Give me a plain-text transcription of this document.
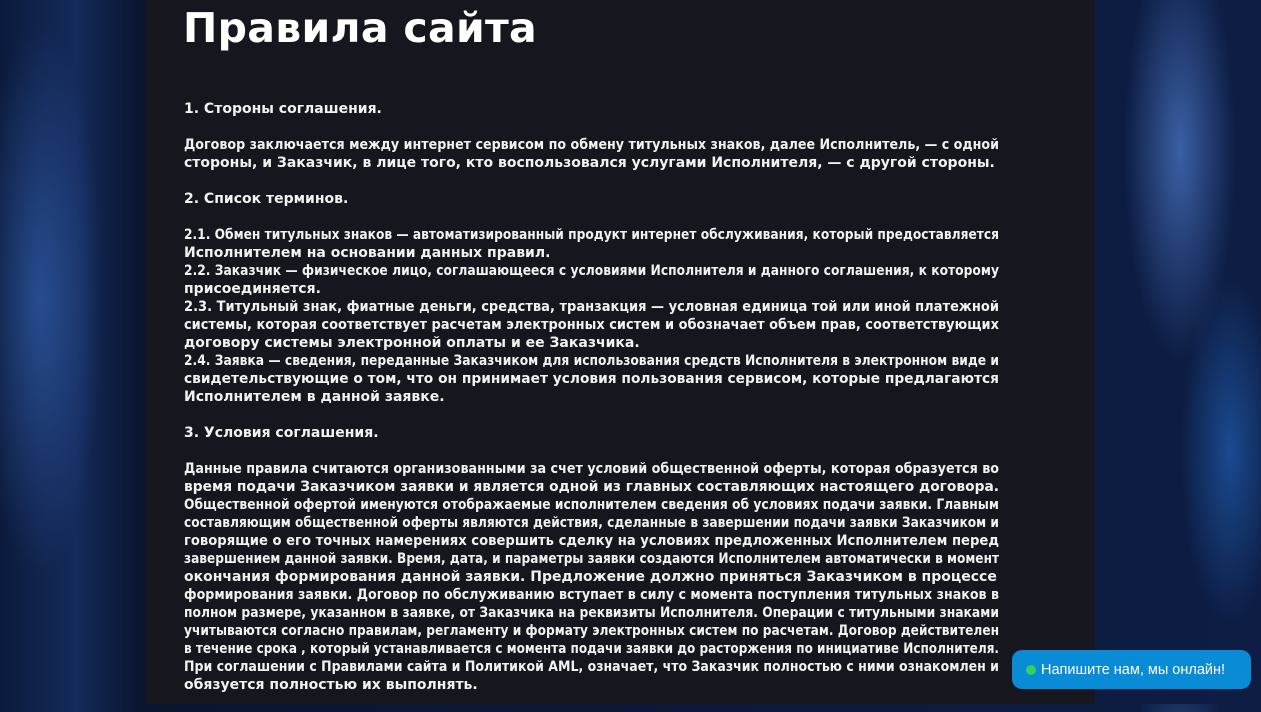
Правила сайта
1. Стороны соглашения.
Договор заключается между интернет сервисом по обмену титульных знаков, далее Исполнитель, — с одной
стороны, и Заказчик, в лице того, кто воспользовался услугами Исполнителя, — с другой стороны.
2. Список терминов.
2.1. Обмен титульных знаков — автоматизированный продукт интернет обслуживания, который предоставляется
Исполнителем на основании данных правил.
2.2. Заказчик — физическое лицо, соглашающееся с условиями Исполнителя и данного соглашения, к которому
присоединяется.
2.3. Титульный знак, фиатные деньги, средства, транзакция — условная единица той или иной платежной
системы, которая соответствует расчетам электронных систем и обозначает объем прав, соответствующих
договору системы электронной оплаты и ее Заказчика.
2.4. Заявка — сведения, переданные Заказчиком для использования средств Исполнителя в электронном виде и
свидетельствующие о том, что он принимает условия пользования сервисом, которые предлагаются
Исполнителем в данной заявке.
3. Условия соглашения.
Данные правила считаются организованными за счет условий общественной оферты, которая образуется во
время подачи Заказчиком заявки и является одной из главных составляющих настоящего договора.
Общественной офертой именуются отображаемые исполнителем сведения об условиях подачи заявки. Главным
составляющим общественной оферты являются действия, сделанные в завершении подачи заявки Заказчиком и
говорящие о его точных намерениях совершить сделку на условиях предложенных Исполнителем перед
завершением данной заявки. Время, дата, и параметры заявки создаются Исполнителем автоматически в момент
окончания формирования данной заявки. Предложение должно приняться Заказчиком в процессе
формирования заявки. Договор по обслуживанию вступает в силу с момента поступления титульных знаков в
полном размере, указанном в заявке, от Заказчика на реквизиты Исполнителя. Операции с титульными знаками
учитываются согласно правилам, регламенту и формату электронных систем по расчетам. Договор действителен
в течение срока , который устанавливается с момента подачи заявки до расторжения по инициативе Исполнителя.
При соглашении с Правилами сайта и Политикой AML, означает, что Заказчик полностью с ними ознакомлен и
обязуется полностью их выполнять.
Напишите нам, мы онлайн!
